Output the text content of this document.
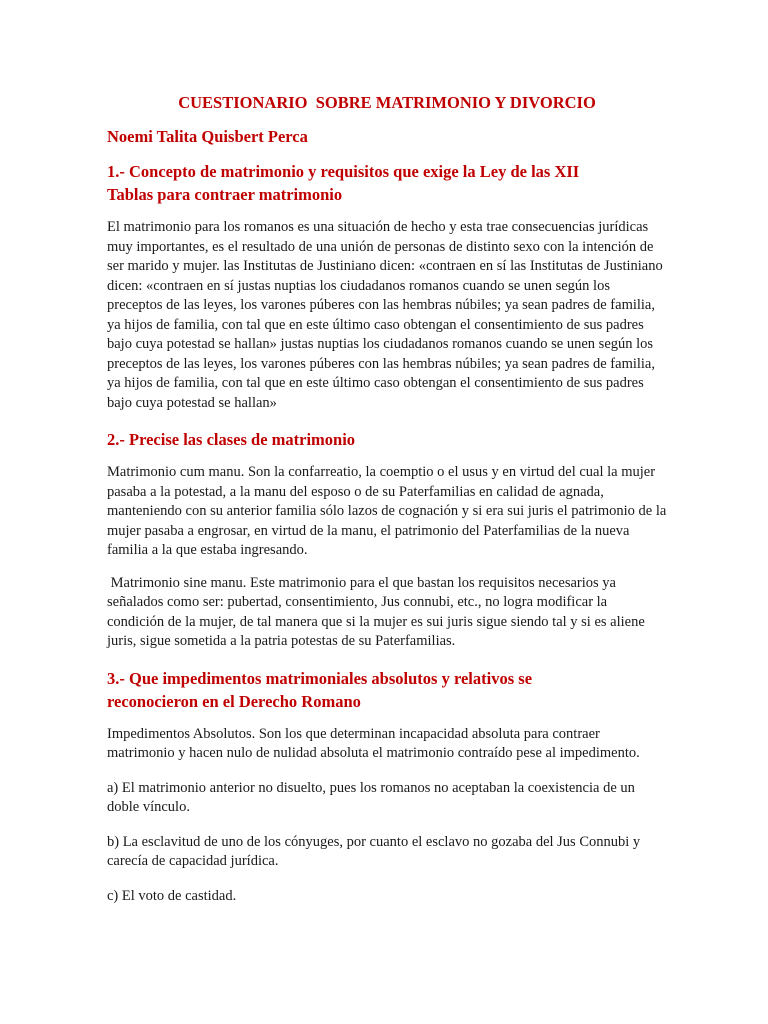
CUESTIONARIO  SOBRE MATRIMONIO Y DIVORCIO
Noemi Talita Quisbert Perca
1.- Concepto de matrimonio y requisitos que exige la Ley de las XII Tablas para contraer matrimonio
El matrimonio para los romanos es una situación de hecho y esta trae consecuencias jurídicas muy importantes, es el resultado de una unión de personas de distinto sexo con la intención de ser marido y mujer. las Institutas de Justiniano dicen: «contraen en sí las Institutas de Justiniano dicen: «contraen en sí justas nuptias los ciudadanos romanos cuando se unen según los preceptos de las leyes, los varones púberes con las hembras núbiles; ya sean padres de familia, ya hijos de familia, con tal que en este último caso obtengan el consentimiento de sus padres bajo cuya potestad se hallan» justas nuptias los ciudadanos romanos cuando se unen según los preceptos de las leyes, los varones púberes con las hembras núbiles; ya sean padres de familia, ya hijos de familia, con tal que en este último caso obtengan el consentimiento de sus padres bajo cuya potestad se hallan»
2.- Precise las clases de matrimonio
Matrimonio cum manu. Son la confarreatio, la coemptio o el usus y en virtud del cual la mujer pasaba a la potestad, a la manu del esposo o de su Paterfamilias en calidad de agnada, manteniendo con su anterior familia sólo lazos de cognación y si era sui juris el patrimonio de la mujer pasaba a engrosar, en virtud de la manu, el patrimonio del Paterfamilias de la nueva familia a la que estaba ingresando.
Matrimonio sine manu. Este matrimonio para el que bastan los requisitos necesarios ya señalados como ser: pubertad, consentimiento, Jus connubi, etc., no logra modificar la condición de la mujer, de tal manera que si la mujer es sui juris sigue siendo tal y si es aliene juris, sigue sometida a la patria potestas de su Paterfamilias.
3.- Que impedimentos matrimoniales absolutos y relativos se reconocieron en el Derecho Romano
Impedimentos Absolutos. Son los que determinan incapacidad absoluta para contraer matrimonio y hacen nulo de nulidad absoluta el matrimonio contraído pese al impedimento.
a) El matrimonio anterior no disuelto, pues los romanos no aceptaban la coexistencia de un doble vínculo.
b) La esclavitud de uno de los cónyuges, por cuanto el esclavo no gozaba del Jus Connubi y carecía de capacidad jurídica.
c) El voto de castidad.
